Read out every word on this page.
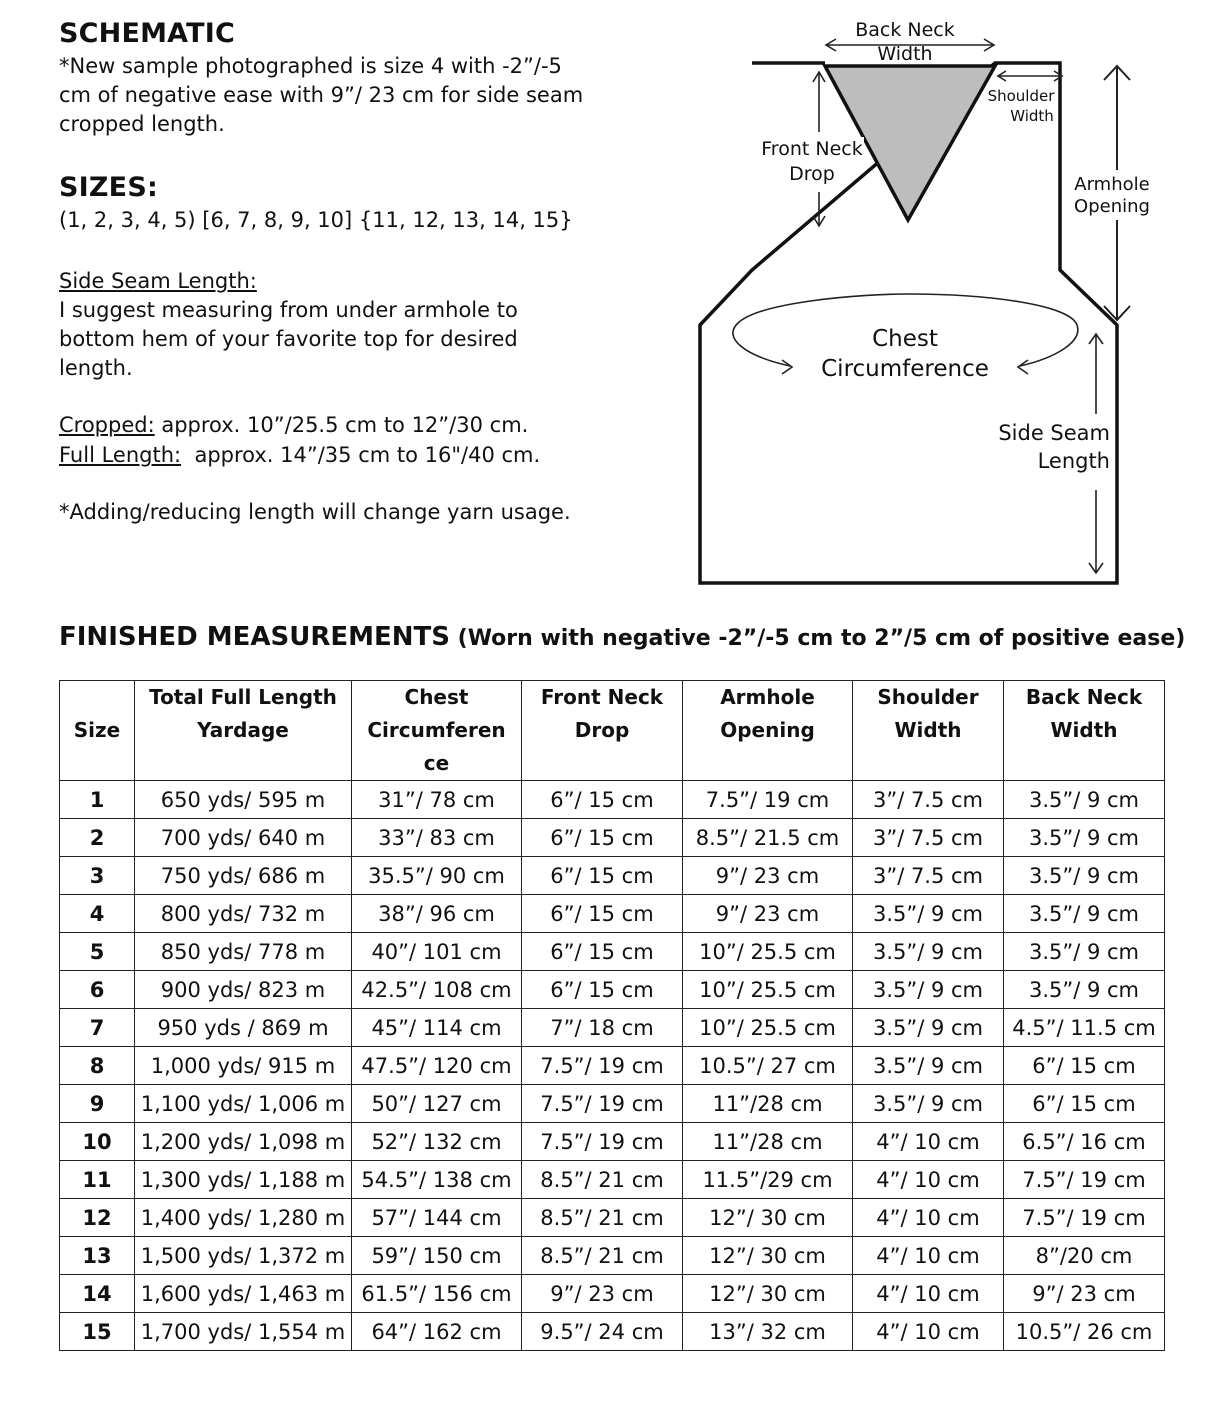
SCHEMATIC
*New sample photographed is size 4 with -2”/-5
cm of negative ease with 9”/ 23 cm for side seam
cropped length.
SIZES:
(1, 2, 3, 4, 5) [6, 7, 8, 9, 10] {11, 12, 13, 14, 15}
Side Seam Length:
I suggest measuring from under armhole to
bottom hem of your favorite top for desired
length.
Cropped: approx. 10”/25.5 cm to 12”/30 cm.
Full Length:  approx. 14”/35 cm to 16"/40 cm.
*Adding/reducing length will change yarn usage.
Back Neck
Width
Shoulder
Width
Front Neck
Drop	Armhole
Opening
Chest
Circumference
Side Seam
Length
FINISHED MEASUREMENTS (Worn with negative -2”/-5 cm to 2”/5 cm of positive ease)
Size	Total Full Length Yardage	Chest Circumferen ce	Front Neck Drop	Armhole Opening	Shoulder Width	Back Neck Width
1	650 yds/ 595 m	31”/ 78 cm	6”/ 15 cm	7.5”/ 19 cm	3”/ 7.5 cm	3.5”/ 9 cm
2	700 yds/ 640 m	33”/ 83 cm	6”/ 15 cm	8.5”/ 21.5 cm	3”/ 7.5 cm	3.5”/ 9 cm
3	750 yds/ 686 m	35.5”/ 90 cm	6”/ 15 cm	9”/ 23 cm	3”/ 7.5 cm	3.5”/ 9 cm
4	800 yds/ 732 m	38”/ 96 cm	6”/ 15 cm	9”/ 23 cm	3.5”/ 9 cm	3.5”/ 9 cm
5	850 yds/ 778 m	40”/ 101 cm	6”/ 15 cm	10”/ 25.5 cm	3.5”/ 9 cm	3.5”/ 9 cm
6	900 yds/ 823 m	42.5”/ 108 cm	6”/ 15 cm	10”/ 25.5 cm	3.5”/ 9 cm	3.5”/ 9 cm
7	950 yds / 869 m	45”/ 114 cm	7”/ 18 cm	10”/ 25.5 cm	3.5”/ 9 cm	4.5”/ 11.5 cm
8	1,000 yds/ 915 m	47.5”/ 120 cm	7.5”/ 19 cm	10.5”/ 27 cm	3.5”/ 9 cm	6”/ 15 cm
9	1,100 yds/ 1,006 m	50”/ 127 cm	7.5”/ 19 cm	11”/28 cm	3.5”/ 9 cm	6”/ 15 cm
10	1,200 yds/ 1,098 m	52”/ 132 cm	7.5”/ 19 cm	11”/28 cm	4”/ 10 cm	6.5”/ 16 cm
11	1,300 yds/ 1,188 m	54.5”/ 138 cm	8.5”/ 21 cm	11.5”/29 cm	4”/ 10 cm	7.5”/ 19 cm
12	1,400 yds/ 1,280 m	57”/ 144 cm	8.5”/ 21 cm	12”/ 30 cm	4”/ 10 cm	7.5”/ 19 cm
13	1,500 yds/ 1,372 m	59”/ 150 cm	8.5”/ 21 cm	12”/ 30 cm	4”/ 10 cm	8”/20 cm
14	1,600 yds/ 1,463 m	61.5”/ 156 cm	9”/ 23 cm	12”/ 30 cm	4”/ 10 cm	9”/ 23 cm
15	1,700 yds/ 1,554 m	64”/ 162 cm	9.5”/ 24 cm	13”/ 32 cm	4”/ 10 cm	10.5”/ 26 cm
